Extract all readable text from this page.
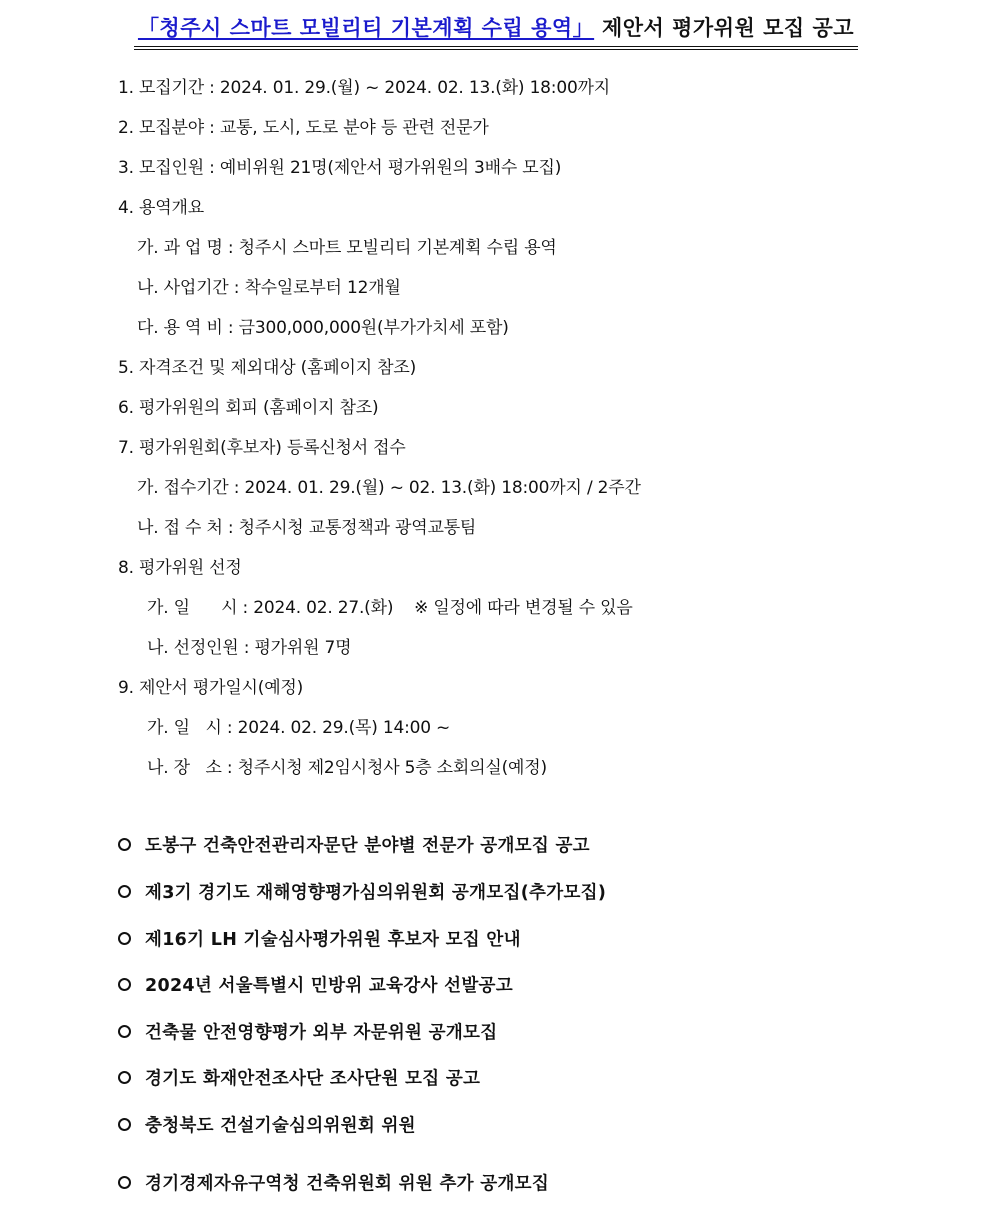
「청주시 스마트 모빌리티 기본계획 수립 용역」 제안서 평가위원 모집 공고
1. 모집기간 : 2024. 01. 29.(월) ~ 2024. 02. 13.(화) 18:00까지
2. 모집분야 : 교통, 도시, 도로 분야 등 관련 전문가
3. 모집인원 : 예비위원 21명(제안서 평가위원의 3배수 모집)
4. 용역개요
가. 과 업 명 : 청주시 스마트 모빌리티 기본계획 수립 용역
나. 사업기간 : 착수일로부터 12개월
다. 용 역 비 : 금300,000,000원(부가가치세 포함)
5. 자격조건 및 제외대상 (홈페이지 참조)
6. 평가위원의 회피 (홈페이지 참조)
7. 평가위원회(후보자) 등록신청서 접수
가. 접수기간 : 2024. 01. 29.(월) ~ 02. 13.(화) 18:00까지 / 2주간
나. 접 수 처 : 청주시청 교통정책과 광역교통팀
8. 평가위원 선정
가. 일      시 : 2024. 02. 27.(화)    ※ 일정에 따라 변경될 수 있음
나. 선정인원 : 평가위원 7명
9. 제안서 평가일시(예정)
가. 일   시 : 2024. 02. 29.(목) 14:00 ~
나. 장   소 : 청주시청 제2임시청사 5층 소회의실(예정)
도봉구 건축안전관리자문단 분야별 전문가 공개모집 공고
제3기 경기도 재해영향평가심의위원회 공개모집(추가모집)
제16기 LH 기술심사평가위원 후보자 모집 안내
2024년 서울특별시 민방위 교육강사 선발공고
건축물 안전영향평가 외부 자문위원 공개모집
경기도 화재안전조사단 조사단원 모집 공고
충청북도 건설기술심의위원회 위원
경기경제자유구역청 건축위원회 위원 추가 공개모집
